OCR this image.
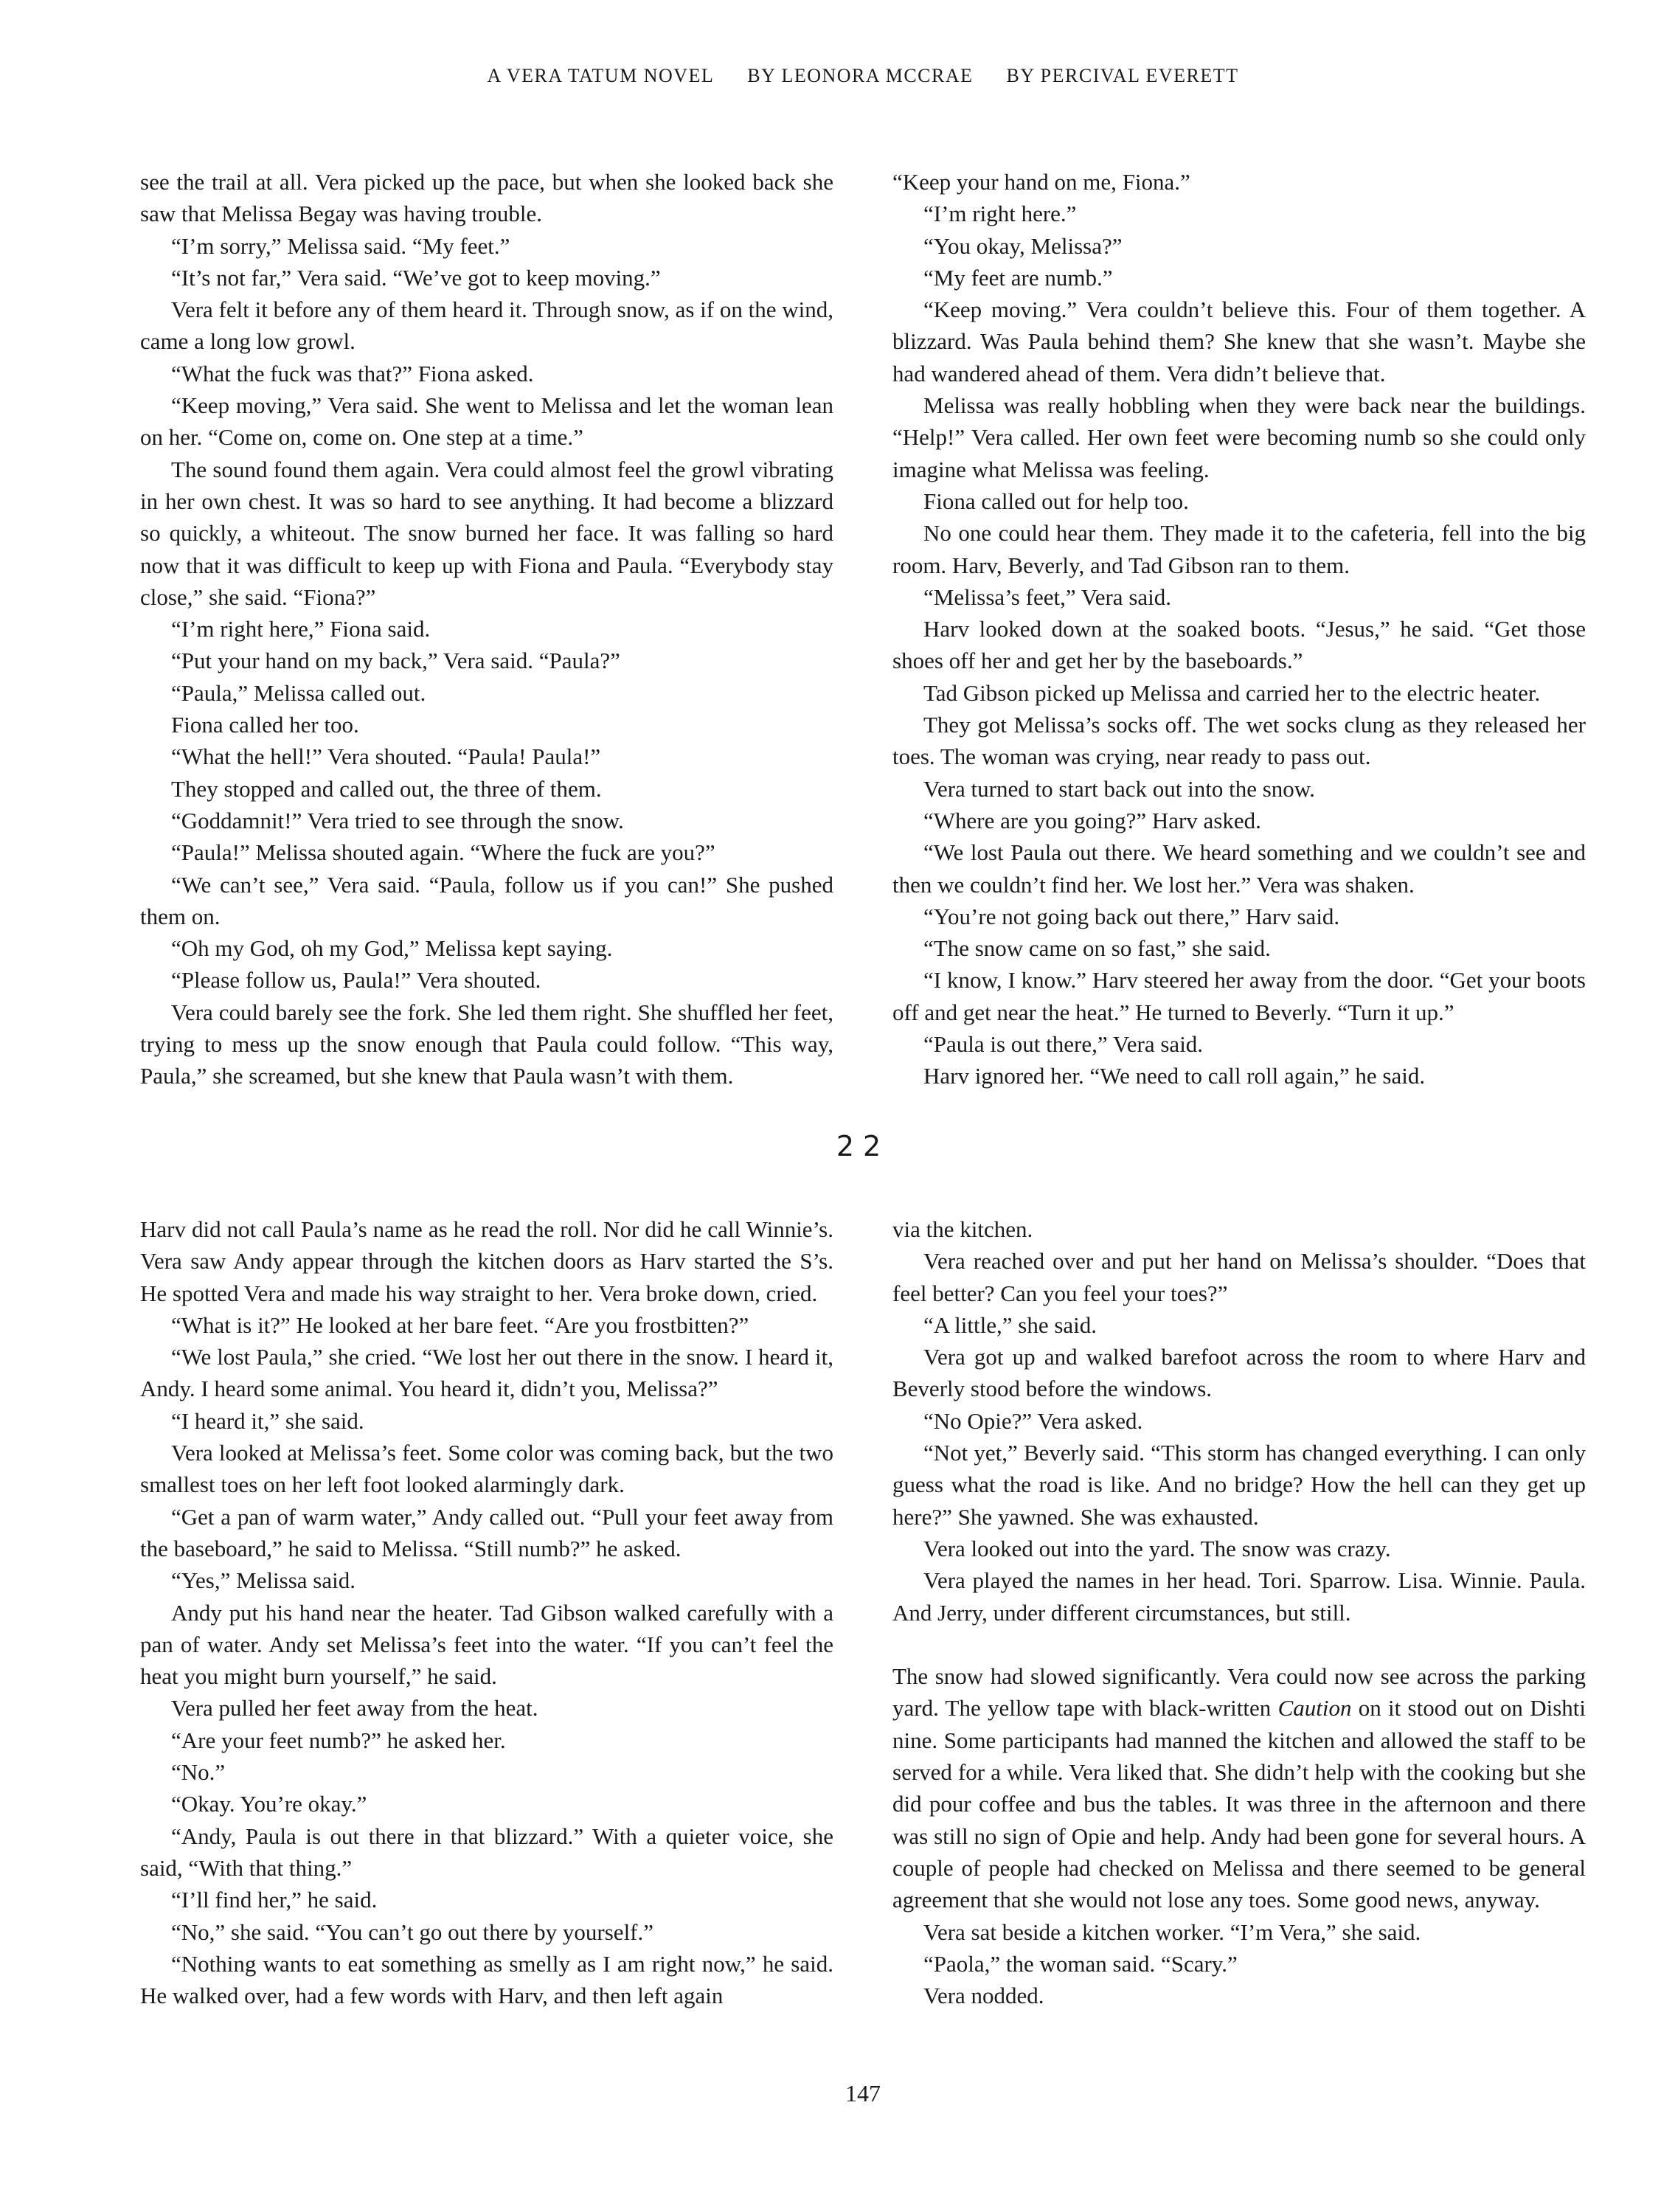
A VERA TATUM NOVEL BY LEONORA MCCRAE BY PERCIVAL EVERETT

see the trail at all. Vera picked up the pace, but when she looked back she saw that Melissa Begay was having trouble.

“I’m sorry,” Melissa said. “My feet.”

“It’s not far,” Vera said. “We’ve got to keep moving.”

Vera felt it before any of them heard it. Through snow, as if on the wind, came a long low growl.

“What the fuck was that?” Fiona asked.

“Keep moving,” Vera said. She went to Melissa and let the woman lean on her. “Come on, come on. One step at a time.”

The sound found them again. Vera could almost feel the growl vibrating in her own chest. It was so hard to see anything. It had become a blizzard so quickly, a whiteout. The snow burned her face. It was falling so hard now that it was difficult to keep up with Fiona and Paula. “Everybody stay close,” she said. “Fiona?”

“I’m right here,” Fiona said.

“Put your hand on my back,” Vera said. “Paula?”

“Paula,” Melissa called out.

Fiona called her too.

“What the hell!” Vera shouted. “Paula! Paula!”

They stopped and called out, the three of them.

“Goddamnit!” Vera tried to see through the snow.

“Paula!” Melissa shouted again. “Where the fuck are you?”

“We can’t see,” Vera said. “Paula, follow us if you can!” She pushed them on.

“Oh my God, oh my God,” Melissa kept saying.

“Please follow us, Paula!” Vera shouted.

Vera could barely see the fork. She led them right. She shuffled her feet, trying to mess up the snow enough that Paula could follow. “This way, Paula,” she screamed, but she knew that Paula wasn’t with them.

“Keep your hand on me, Fiona.”

“I’m right here.”

“You okay, Melissa?”

“My feet are numb.”

“Keep moving.” Vera couldn’t believe this. Four of them together. A blizzard. Was Paula behind them? She knew that she wasn’t. Maybe she had wandered ahead of them. Vera didn’t believe that.

Melissa was really hobbling when they were back near the buildings. “Help!” Vera called. Her own feet were becoming numb so she could only imagine what Melissa was feeling.

Fiona called out for help too.

No one could hear them. They made it to the cafeteria, fell into the big room. Harv, Beverly, and Tad Gibson ran to them.

“Melissa’s feet,” Vera said.

Harv looked down at the soaked boots. “Jesus,” he said. “Get those shoes off her and get her by the baseboards.”

Tad Gibson picked up Melissa and carried her to the electric heater.

They got Melissa’s socks off. The wet socks clung as they released her toes. The woman was crying, near ready to pass out.

Vera turned to start back out into the snow.

“Where are you going?” Harv asked.

“We lost Paula out there. We heard something and we couldn’t see and then we couldn’t find her. We lost her.” Vera was shaken.

“You’re not going back out there,” Harv said.

“The snow came on so fast,” she said.

“I know, I know.” Harv steered her away from the door. “Get your boots off and get near the heat.” He turned to Beverly. “Turn it up.”

“Paula is out there,” Vera said.

Harv ignored her. “We need to call roll again,” he said.

22

Harv did not call Paula’s name as he read the roll. Nor did he call Winnie’s. Vera saw Andy appear through the kitchen doors as Harv started the S’s. He spotted Vera and made his way straight to her. Vera broke down, cried.

“What is it?” He looked at her bare feet. “Are you frostbitten?”

“We lost Paula,” she cried. “We lost her out there in the snow. I heard it, Andy. I heard some animal. You heard it, didn’t you, Melissa?”

“I heard it,” she said.

Vera looked at Melissa’s feet. Some color was coming back, but the two smallest toes on her left foot looked alarmingly dark.

“Get a pan of warm water,” Andy called out. “Pull your feet away from the baseboard,” he said to Melissa. “Still numb?” he asked.

“Yes,” Melissa said.

Andy put his hand near the heater. Tad Gibson walked carefully with a pan of water. Andy set Melissa’s feet into the water. “If you can’t feel the heat you might burn yourself,” he said.

Vera pulled her feet away from the heat.

“Are your feet numb?” he asked her.

“No.”

“Okay. You’re okay.”

“Andy, Paula is out there in that blizzard.” With a quieter voice, she said, “With that thing.”

“I’ll find her,” he said.

“No,” she said. “You can’t go out there by yourself.”

“Nothing wants to eat something as smelly as I am right now,” he said. He walked over, had a few words with Harv, and then left again

via the kitchen.

Vera reached over and put her hand on Melissa’s shoulder. “Does that feel better? Can you feel your toes?”

“A little,” she said.

Vera got up and walked barefoot across the room to where Harv and Beverly stood before the windows.

“No Opie?” Vera asked.

“Not yet,” Beverly said. “This storm has changed everything. I can only guess what the road is like. And no bridge? How the hell can they get up here?” She yawned. She was exhausted.

Vera looked out into the yard. The snow was crazy.

Vera played the names in her head. Tori. Sparrow. Lisa. Winnie. Paula. And Jerry, under different circumstances, but still.

The snow had slowed significantly. Vera could now see across the parking yard. The yellow tape with black-written Caution on it stood out on Dishti nine. Some participants had manned the kitchen and allowed the staff to be served for a while. Vera liked that. She didn’t help with the cooking but she did pour coffee and bus the tables. It was three in the afternoon and there was still no sign of Opie and help. Andy had been gone for several hours. A couple of people had checked on Melissa and there seemed to be general agreement that she would not lose any toes. Some good news, anyway.

Vera sat beside a kitchen worker. “I’m Vera,” she said.

“Paola,” the woman said. “Scary.”

Vera nodded.

147
